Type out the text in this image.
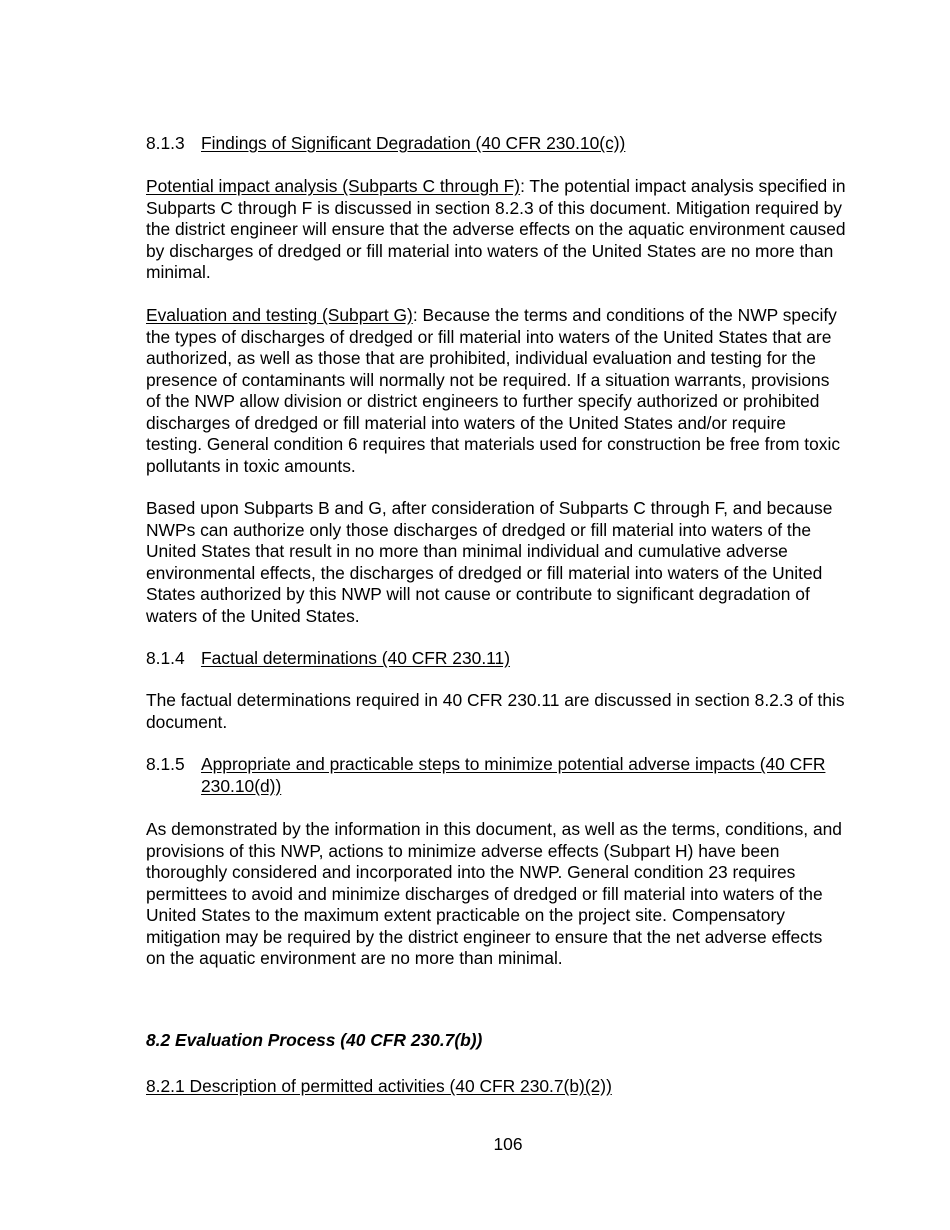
8.1.3 Findings of Significant Degradation (40 CFR 230.10(c))

Potential impact analysis (Subparts C through F): The potential impact analysis specified in Subparts C through F is discussed in section 8.2.3 of this document. Mitigation required by the district engineer will ensure that the adverse effects on the aquatic environment caused by discharges of dredged or fill material into waters of the United States are no more than minimal.

Evaluation and testing (Subpart G): Because the terms and conditions of the NWP specify the types of discharges of dredged or fill material into waters of the United States that are authorized, as well as those that are prohibited, individual evaluation and testing for the presence of contaminants will normally not be required. If a situation warrants, provisions of the NWP allow division or district engineers to further specify authorized or prohibited discharges of dredged or fill material into waters of the United States and/or require testing. General condition 6 requires that materials used for construction be free from toxic pollutants in toxic amounts.

Based upon Subparts B and G, after consideration of Subparts C through F, and because NWPs can authorize only those discharges of dredged or fill material into waters of the United States that result in no more than minimal individual and cumulative adverse environmental effects, the discharges of dredged or fill material into waters of the United States authorized by this NWP will not cause or contribute to significant degradation of waters of the United States.

8.1.4 Factual determinations (40 CFR 230.11)

The factual determinations required in 40 CFR 230.11 are discussed in section 8.2.3 of this document.

8.1.5 Appropriate and practicable steps to minimize potential adverse impacts (40 CFR 230.10(d))

As demonstrated by the information in this document, as well as the terms, conditions, and provisions of this NWP, actions to minimize adverse effects (Subpart H) have been thoroughly considered and incorporated into the NWP. General condition 23 requires permittees to avoid and minimize discharges of dredged or fill material into waters of the United States to the maximum extent practicable on the project site. Compensatory mitigation may be required by the district engineer to ensure that the net adverse effects on the aquatic environment are no more than minimal.

8.2 Evaluation Process (40 CFR 230.7(b))

8.2.1 Description of permitted activities (40 CFR 230.7(b)(2))

106
